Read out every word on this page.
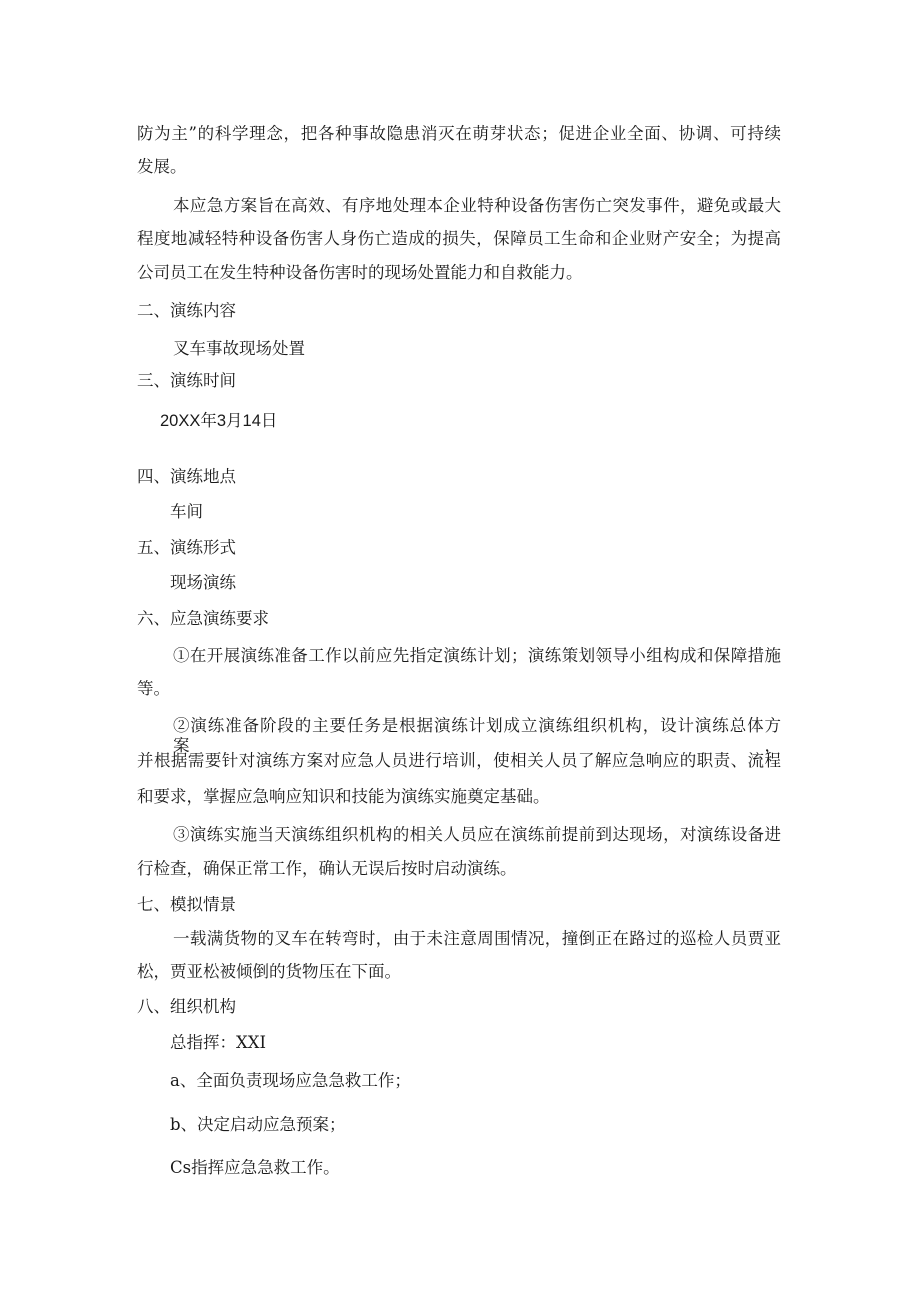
防为主”的科学理念，把各种事故隐患消灭在萌芽状态；促进企业全面、协调、可持续

发展。

本应急方案旨在高效、有序地处理本企业特种设备伤害伤亡突发事件，避免或最大

程度地减轻特种设备伤害人身伤亡造成的损失，保障员工生命和企业财产安全；为提高

公司员工在发生特种设备伤害时的现场处置能力和自救能力。

二、演练内容

叉车事故现场处置

三、演练时间

20XX年3月14日

四、演练地点

车间

五、演练形式

现场演练

六、应急演练要求

①在开展演练准备工作以前应先指定演练计划；演练策划领导小组构成和保障措施

等。

②演练准备阶段的主要任务是根据演练计划成立演练组织机构，设计演练总体方案，

并根据需要针对演练方案对应急人员进行培训，使相关人员了解应急响应的职责、流程

和要求，掌握应急响应知识和技能为演练实施奠定基础。

③演练实施当天演练组织机构的相关人员应在演练前提前到达现场，对演练设备进

行检查，确保正常工作，确认无误后按时启动演练。

七、模拟情景

一载满货物的叉车在转弯时，由于未注意周围情况，撞倒正在路过的巡检人员贾亚

松，贾亚松被倾倒的货物压在下面。

八、组织机构

总指挥：XXI

a、全面负责现场应急急救工作；

b、决定启动应急预案；

Cs指挥应急急救工作。
